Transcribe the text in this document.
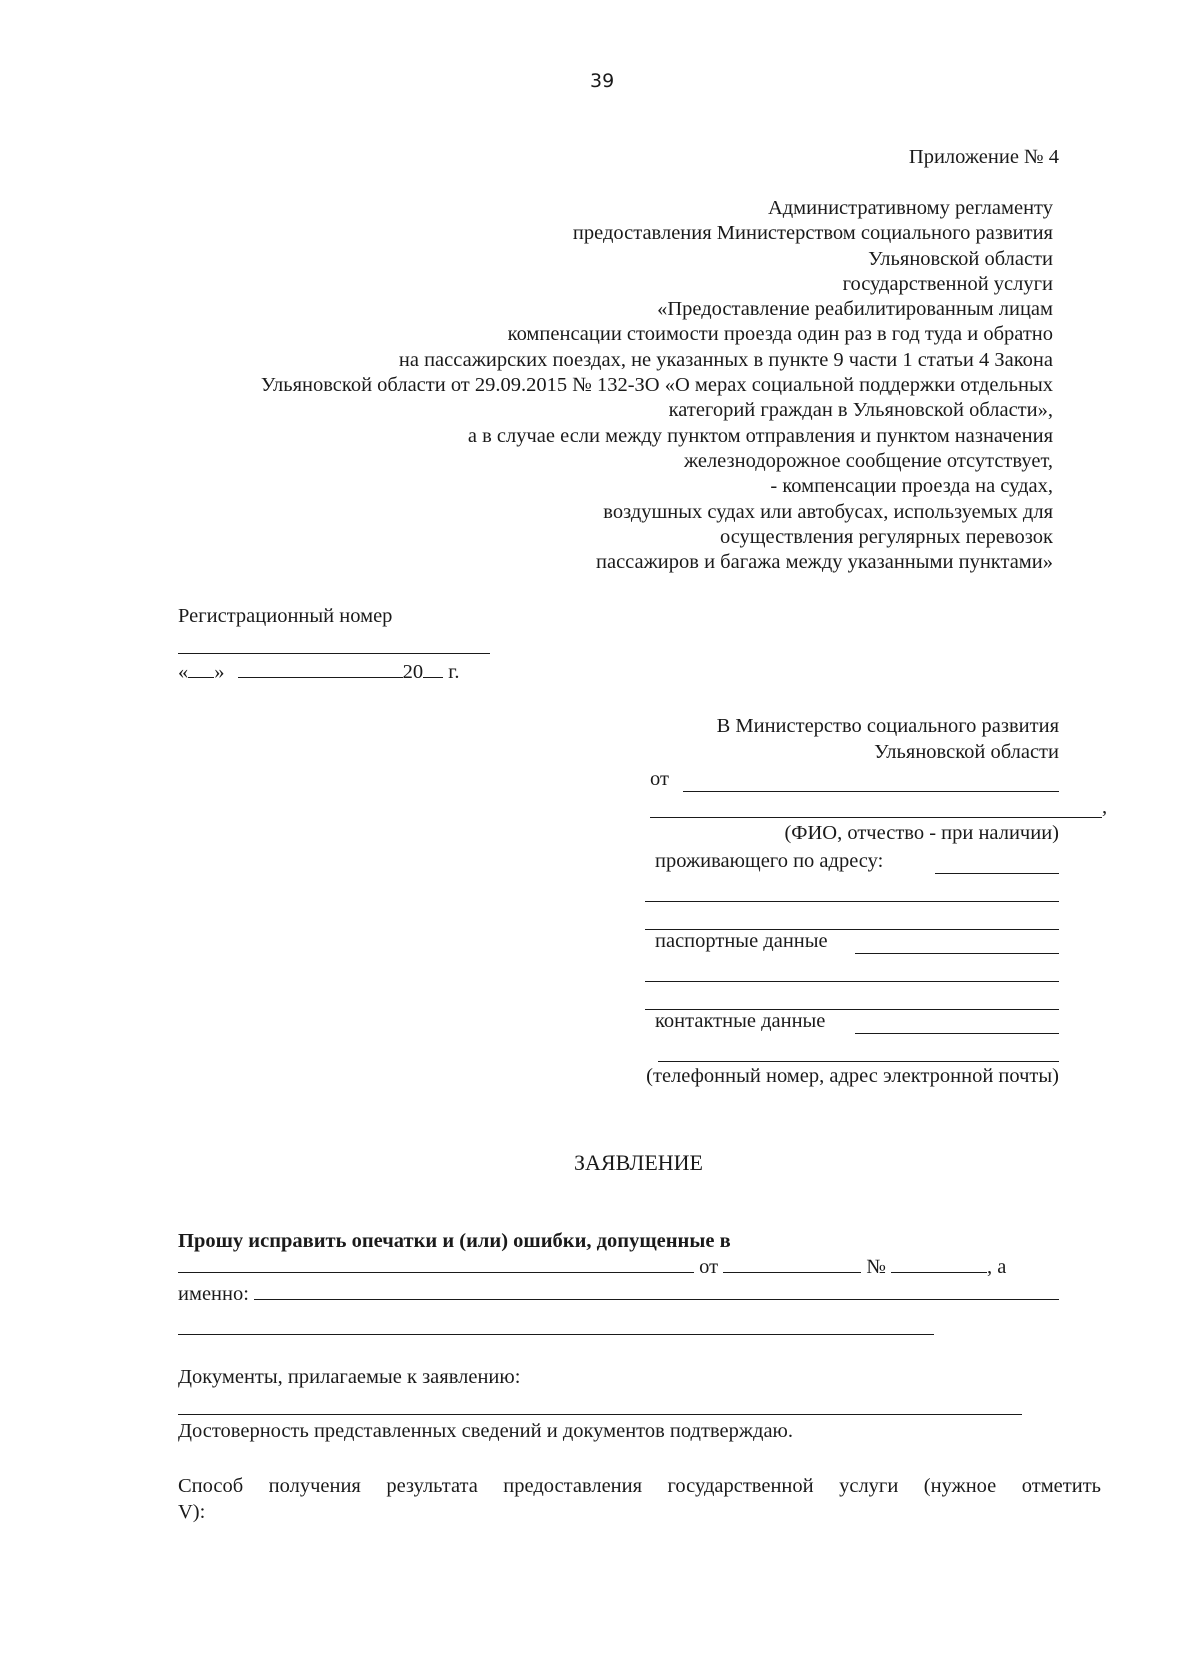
39
Приложение № 4
Административному регламенту
предоставления Министерством социального развития
Ульяновской области
государственной услуги
«Предоставление реабилитированным лицам
компенсации стоимости проезда один раз в год туда и обратно
на пассажирских поездах, не указанных в пункте 9 части 1 статьи 4 Закона
Ульяновской области от 29.09.2015 № 132-ЗО «О мерах социальной поддержки отдельных
категорий граждан в Ульяновской области»,
а в случае если между пунктом отправления и пунктом назначения
железнодорожное сообщение отсутствует,
- компенсации проезда на судах,
воздушных судах или автобусах, используемых для
осуществления регулярных перевозок
пассажиров и багажа между указанными пунктами»
Регистрационный номер
« »	20 г.
В Министерство социального развития
Ульяновской области
от
,
(ФИО, отчество - при наличии)
проживающего по адресу:
паспортные данные
контактные данные
(телефонный номер, адрес электронной почты)
ЗАЯВЛЕНИЕ
Прошу исправить опечатки и (или) ошибки, допущенные в
от	№	, а
именно:
Документы, прилагаемые к заявлению:
Достоверность представленных сведений и документов подтверждаю.
Способ получения результата предоставления государственной услуги (нужное отметить
V):
